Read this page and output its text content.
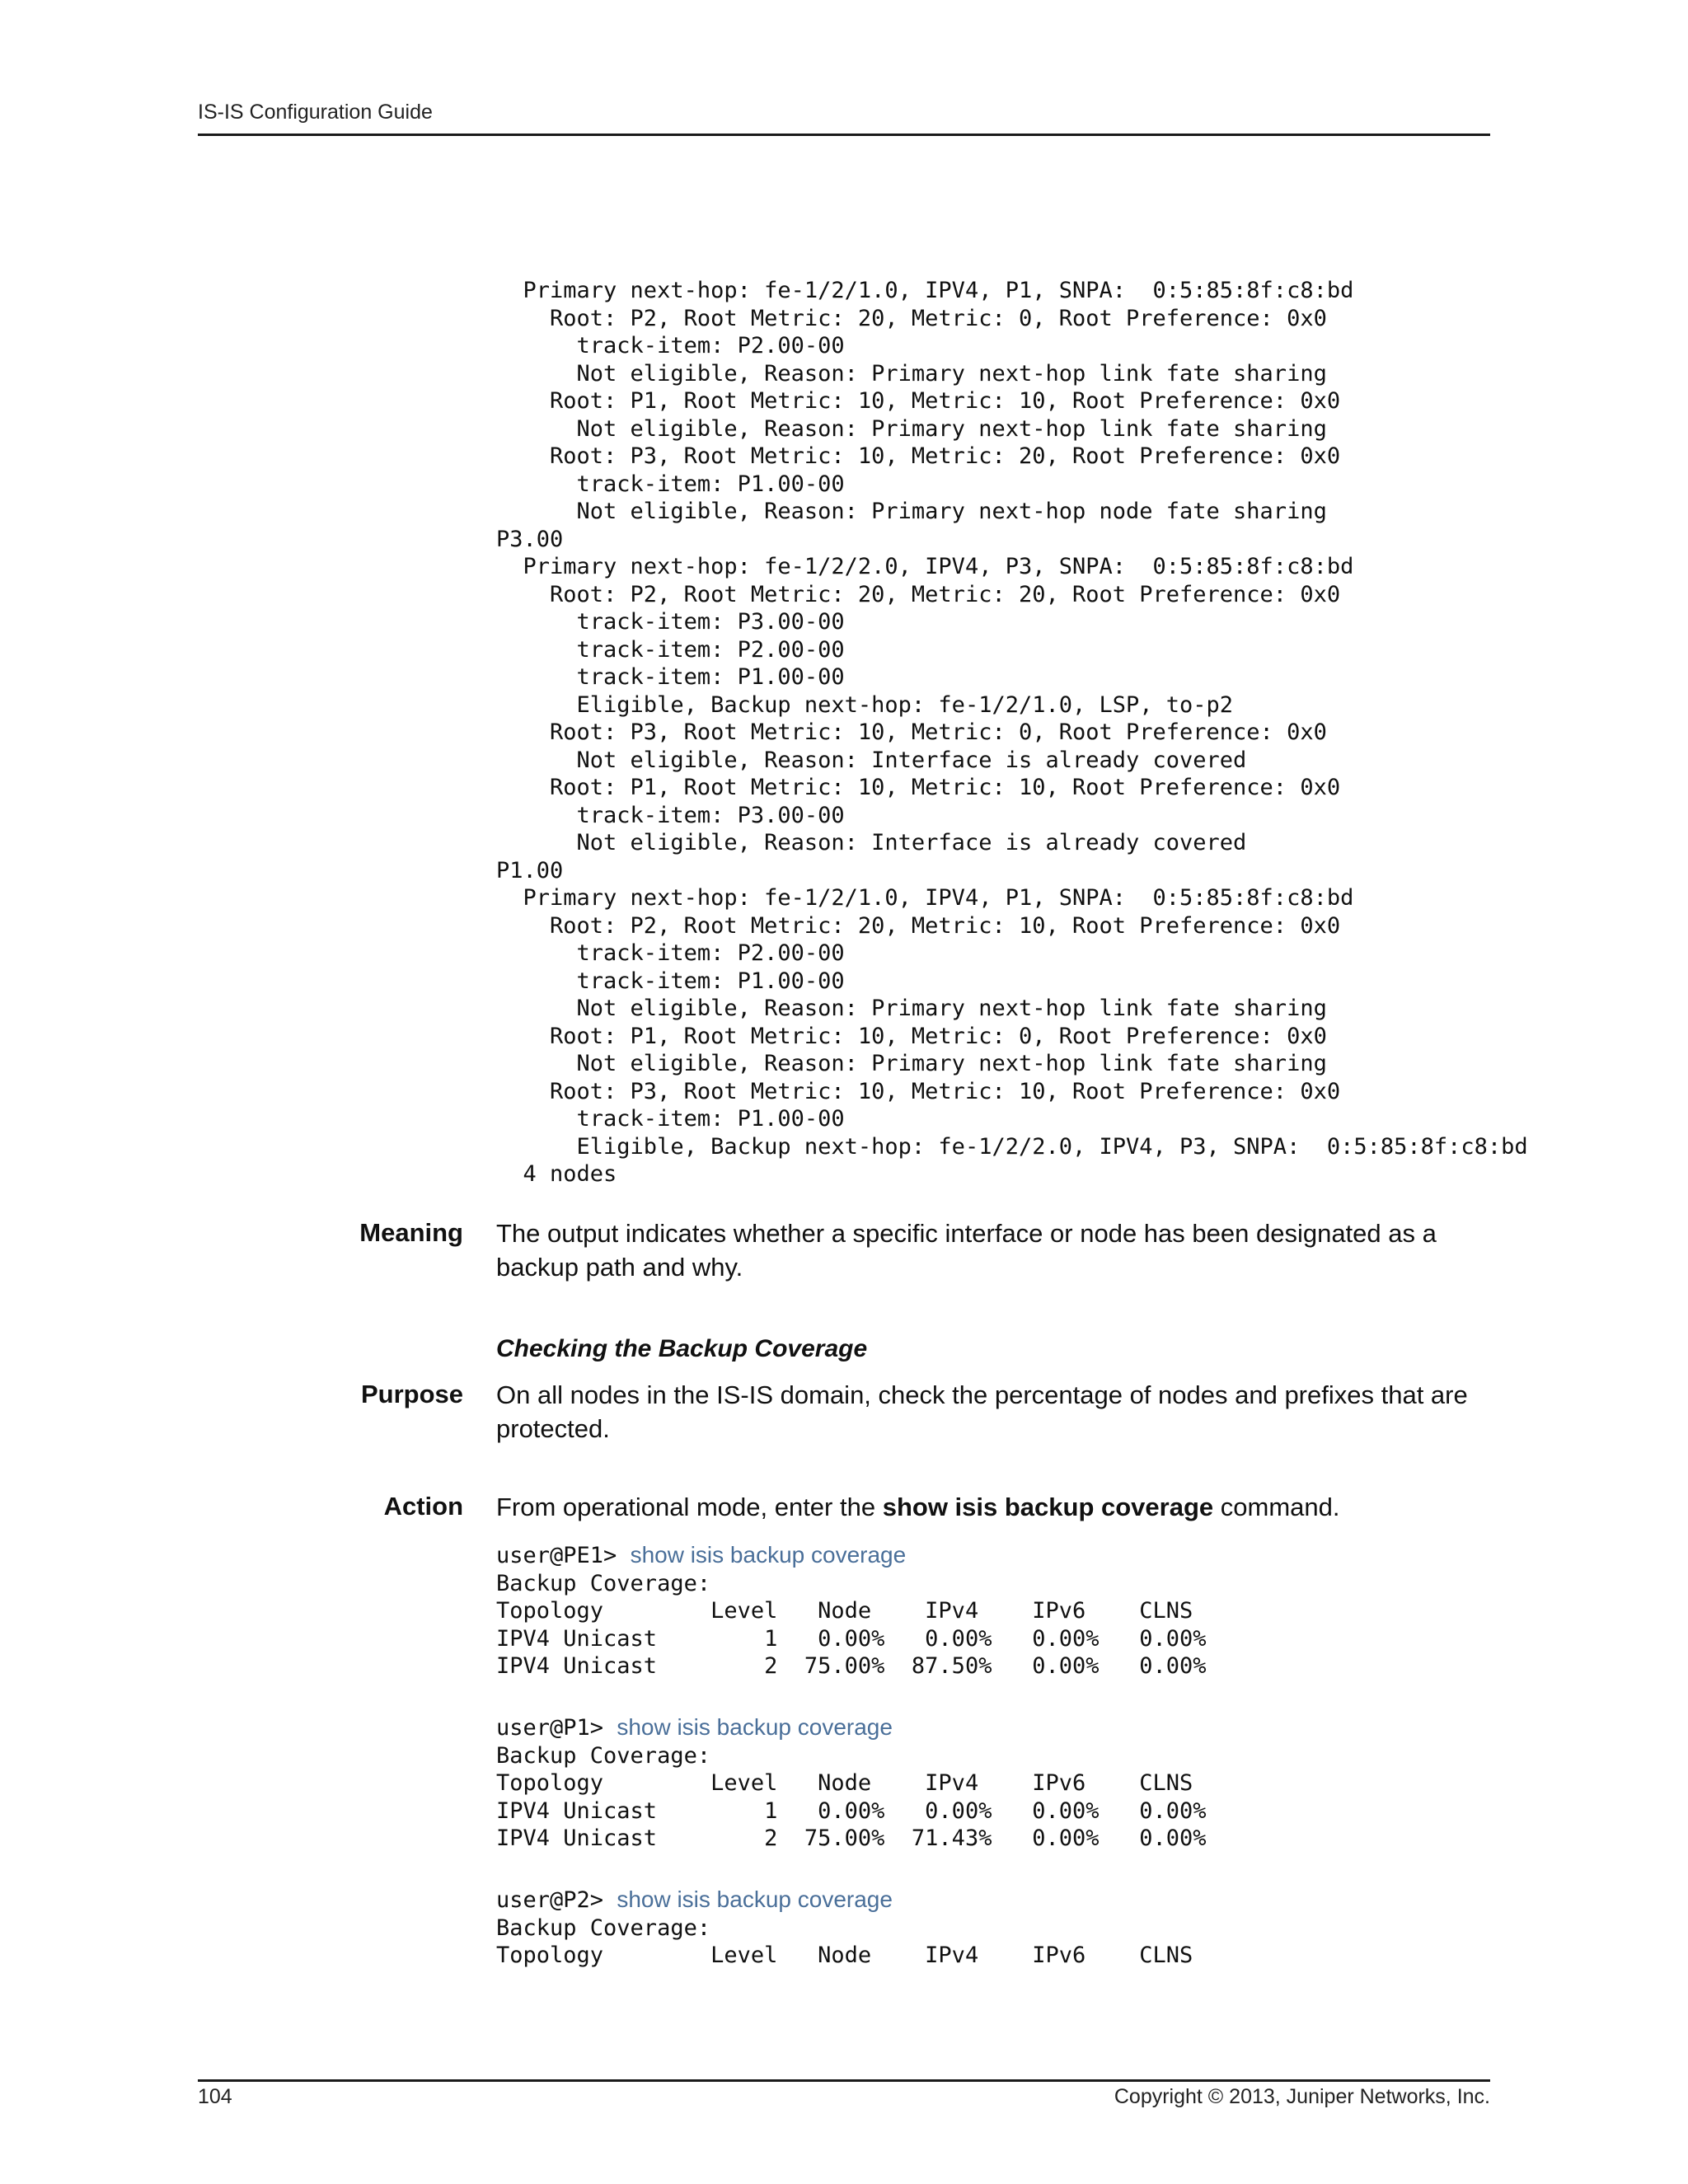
IS-IS Configuration Guide
Primary next-hop: fe-1/2/1.0, IPV4, P1, SNPA:  0:5:85:8f:c8:bd
Root: P2, Root Metric: 20, Metric: 0, Root Preference: 0x0
track-item: P2.00-00
Not eligible, Reason: Primary next-hop link fate sharing
Root: P1, Root Metric: 10, Metric: 10, Root Preference: 0x0
Not eligible, Reason: Primary next-hop link fate sharing
Root: P3, Root Metric: 10, Metric: 20, Root Preference: 0x0
track-item: P1.00-00
Not eligible, Reason: Primary next-hop node fate sharing
P3.00
Primary next-hop: fe-1/2/2.0, IPV4, P3, SNPA:  0:5:85:8f:c8:bd
Root: P2, Root Metric: 20, Metric: 20, Root Preference: 0x0
track-item: P3.00-00
track-item: P2.00-00
track-item: P1.00-00
Eligible, Backup next-hop: fe-1/2/1.0, LSP, to-p2
Root: P3, Root Metric: 10, Metric: 0, Root Preference: 0x0
Not eligible, Reason: Interface is already covered
Root: P1, Root Metric: 10, Metric: 10, Root Preference: 0x0
track-item: P3.00-00
Not eligible, Reason: Interface is already covered
P1.00
Primary next-hop: fe-1/2/1.0, IPV4, P1, SNPA:  0:5:85:8f:c8:bd
Root: P2, Root Metric: 20, Metric: 10, Root Preference: 0x0
track-item: P2.00-00
track-item: P1.00-00
Not eligible, Reason: Primary next-hop link fate sharing
Root: P1, Root Metric: 10, Metric: 0, Root Preference: 0x0
Not eligible, Reason: Primary next-hop link fate sharing
Root: P3, Root Metric: 10, Metric: 10, Root Preference: 0x0
track-item: P1.00-00
Eligible, Backup next-hop: fe-1/2/2.0, IPV4, P3, SNPA:  0:5:85:8f:c8:bd
4 nodes
Meaning The output indicates whether a specific interface or node has been designated as a backup path and why.
Checking the Backup Coverage
Purpose On all nodes in the IS-IS domain, check the percentage of nodes and prefixes that are protected.
Action From operational mode, enter the show isis backup coverage command.
user@PE1> show isis backup coverage
Backup Coverage:
Topology        Level   Node    IPv4    IPv6    CLNS
IPV4 Unicast        1   0.00%   0.00%   0.00%   0.00%
IPV4 Unicast        2  75.00%  87.50%   0.00%   0.00%
user@P1> show isis backup coverage
Backup Coverage:
Topology        Level   Node    IPv4    IPv6    CLNS
IPV4 Unicast        1   0.00%   0.00%   0.00%   0.00%
IPV4 Unicast        2  75.00%  71.43%   0.00%   0.00%
user@P2> show isis backup coverage
Backup Coverage:
Topology        Level   Node    IPv4    IPv6    CLNS
104	Copyright © 2013, Juniper Networks, Inc.
